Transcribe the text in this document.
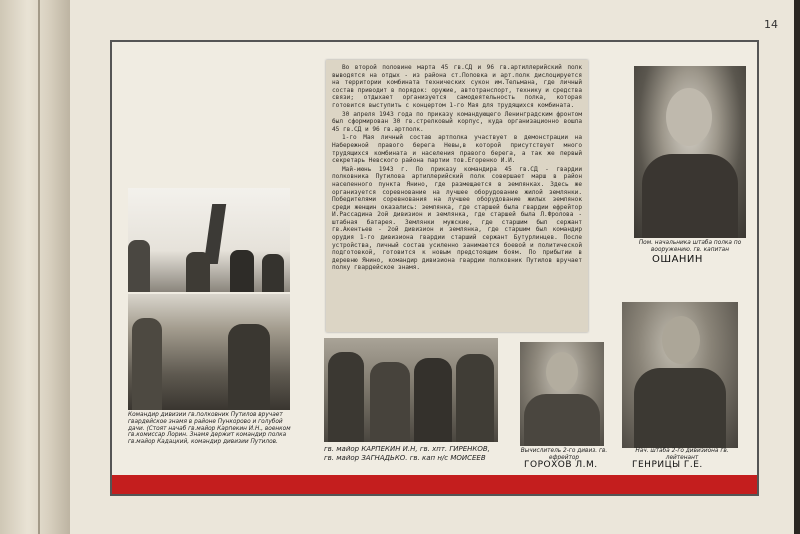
14

Во второй половине марта 45 гв.СД и 96 гв.артиллерийский полк выводятся на отдых - из района ст.Поповка и арт.полк дислоцируется на территории комбината технических сукон им.Тельмана, где личный состав приводит в порядок: оружие, автотранспорт, технику и средства связи; отдыхает организуется самодеятельность полка, которая готовится выступить с концертом 1-го Мая для трудящихся комбината.

30 апреля 1943 года по приказу командующего Ленинградским фронтом был сформирован 30 гв.стрелковый корпус, куда организационно вошла 45 гв.СД и 96 гв.артполк.

1-го Мая личный состав артполка участвует в демонстрации на Набережной правого берега Невы,в которой присутствует много трудящихся комбината и населения правого берега, а так же первый секретарь Невского района партии тов.Егоренко И.И.

Май-июнь 1943 г. По приказу командира 45 гв.СД - гвардии полковника Путилова артиллерийский полк совершает марш в район населенного пункта Янино, где размещается в землянках. Здесь же организуется соревнование на лучшее оборудование жилой землянки. Победителями соревнования на лучшее оборудование жилых землянок среди женщин оказались: землянка, где старшей была гвардии ефрейтор И.Рассадина 2ой дивизион и землянка, где старшей была Л.Фролова - штабная батарея. Землянки мужские, где старшим был сержант гв.Акентьев - 2ой дивизион и землянка, где старшим был командир орудия 1-го дивизиона гвардии старший сержант Бутурлинцев. После устройства, личный состав усиленно занимается боевой и политической подготовкой, готовится к новым предстоящим боям. По прибытии в деревню Янино, командир дивизиона гвардии полковник Путилов вручает полку гвардейское знамя.

Командир дивизии гв.полковник Путилов вручает гвардейское знамя в районе Пункорово и голубой дачи. (Стоят начаб гв.майор Карпекин И.Н., военком гв.комиссар Лорин. Знамя держит командир полка гв.майор Кадацкий, командир дивизии Путилов.
Пом. начальника штаба полка по вооружению. гв. капитан
ОШАНИН
гв. майор КАРПЕКИН И.Н, гв. хпт. ГИРЕНКОВ,
гв. майор ЗАГНАДЬКО. гв. кап н/с МОИСЕЕВ
Вычислитель 2-го дивиз. гв. ефрейтор
ГОРОХОВ Л.М.
Нач. штаба 2-го дивизиона гв. лейтенант
ГЕНРИЦЫ Г.Е.
